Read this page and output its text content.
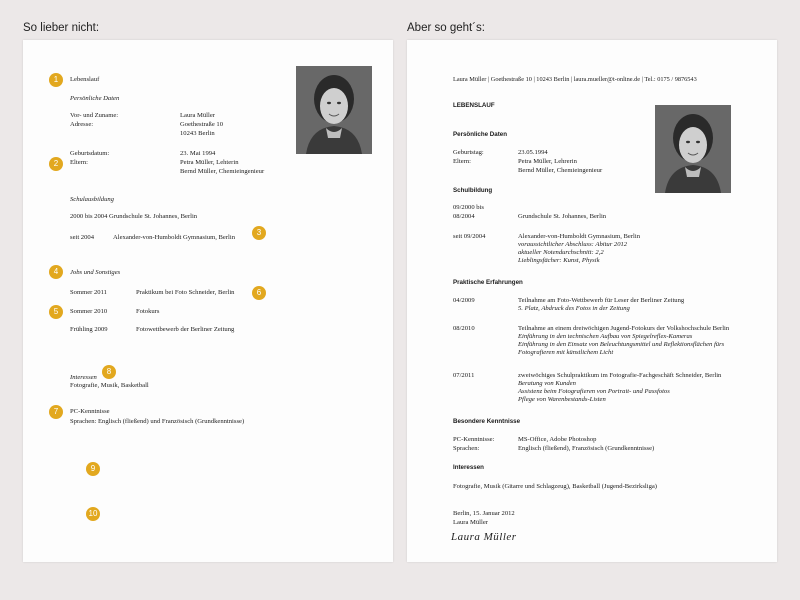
So lieber nicht:	Aber so geht´s:
1	Lebenslauf
Persönliche Daten
Vor- und Zuname:	Laura Müller
Adresse:	Goethestraße 10
10243 Berlin
2
Geburtsdatum:	23. Mai 1994
Eltern:	Petra Müller, Lehterin
Bernd Müller, Chemieingenieur
Schulausbildung
2000 bis 2004 Grundschule St. Johannes, Berlin
seit 2004	Alexander-von-Humboldt Gymnasium, Berlin
3
4	Jobs und Sonstiges
Sommer 2011	Praktikum bei Foto Schneider, Berlin	6
5	Sommer 2010	Fotokurs
Frühling 2009	Fotowettbewerb der Berliner Zeitung
8
Interessen
Fotografie, Musik, Basketball
7	PC-Kenntnisse
Sprachen: Englisch (fließend) und Französisch (Grundkenntnisse)
9
10
Laura Müller | Goethestraße 10 | 10243 Berlin | laura.mueller@t-online.de | Tel.: 0175 / 9876543
LEBENSLAUF
Persönliche Daten
Geburtstag:	23.05.1994
Eltern:	Petra Müller, Lehrerin
Bernd Müller, Chemieingenieur
Schulbildung
09/2000 bis
08/2004	Grundschule St. Johannes, Berlin
seit 09/2004	Alexander-von-Humboldt Gymnasium, Berlin
voraussichtlicher Abschluss: Abitur 2012
aktueller Notendurchschnitt: 2,2
Lieblingsfächer: Kunst, Physik
Praktische Erfahrungen
04/2009	Teilnahme am Foto-Wettbewerb für Leser der Berliner Zeitung
5. Platz, Abdruck des Fotos in der Zeitung
08/2010	Teilnahme an einem dreiwöchigen Jugend-Fotokurs der Volkshochschule Berlin
Einführung in den technischen Aufbau von Spiegelreflex-Kameras
Einführung in den Einsatz von Beleuchtungsmittel und Reflektionsflächen fürs
Fotografieren mit künstlichem Licht
07/2011	zweiwöchiges Schulpraktikum im Fotografie-Fachgeschäft Schneider, Berlin
Beratung von Kunden
Assistenz beim Fotografieren von Portrait- und Passfotos
Pflege von Warenbestands-Listen
Besondere Kenntnisse
PC-Kenntnisse:	MS-Office, Adobe Photoshop
Sprachen:	Englisch (fließend), Französisch (Grundkenntnisse)
Interessen
Fotografie, Musik (Gitarre und Schlagzeug), Basketball (Jugend-Bezirksliga)
Berlin, 15. Januar 2012
Laura Müller
Laura Müller
